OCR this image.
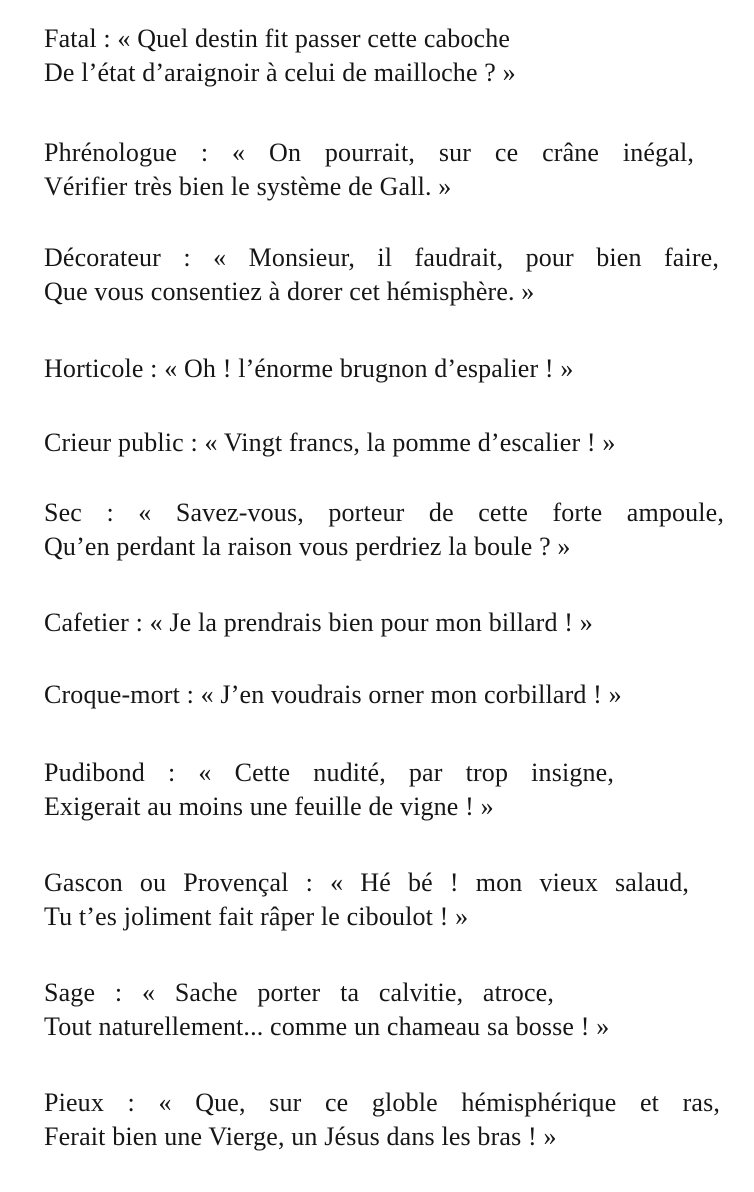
Fatal : « Quel destin fit passer cette caboche
De l’état d’araignoir à celui de mailloche ? »
Phrénologue : « On pourrait, sur ce crâne inégal,
Vérifier très bien le système de Gall. »
Décorateur : « Monsieur, il faudrait, pour bien faire,
Que vous consentiez à dorer cet hémisphère. »
Horticole : « Oh ! l’énorme brugnon d’espalier ! »
Crieur public : « Vingt francs, la pomme d’escalier ! »
Sec : « Savez-vous, porteur de cette forte ampoule,
Qu’en perdant la raison vous perdriez la boule ? »
Cafetier : « Je la prendrais bien pour mon billard ! »
Croque-mort : « J’en voudrais orner mon corbillard ! »
Pudibond : « Cette nudité, par trop insigne,
Exigerait au moins une feuille de vigne ! »
Gascon ou Provençal : « Hé bé ! mon vieux salaud,
Tu t’es joliment fait râper le ciboulot ! »
Sage : « Sache porter ta calvitie, atroce,
Tout naturellement... comme un chameau sa bosse ! »
Pieux : « Que, sur ce globle hémisphérique et ras,
Ferait bien une Vierge, un Jésus dans les bras ! »
